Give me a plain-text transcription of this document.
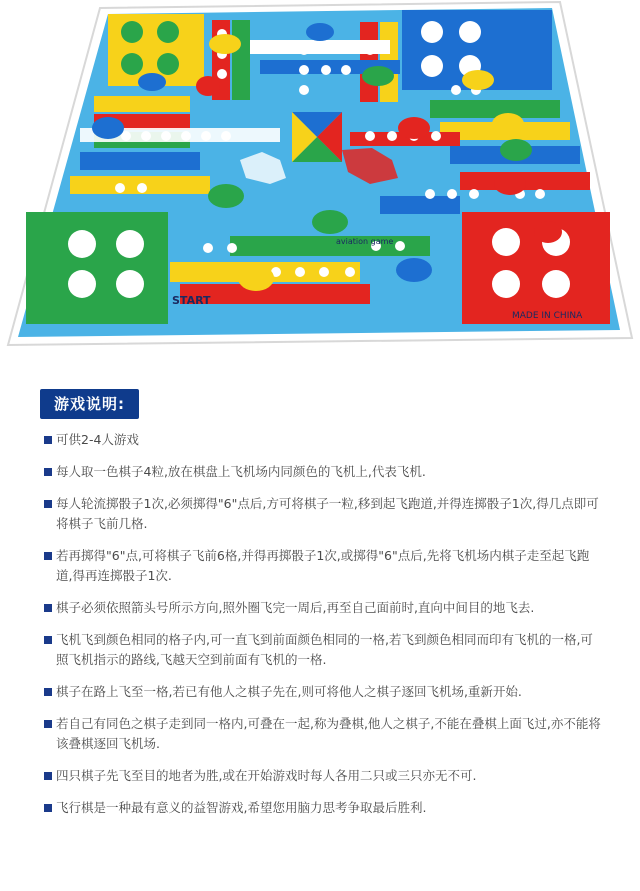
START
aviation game
MADE IN CHINA
游戏说明:

可供2-4人游戏

每人取一色棋子4粒,放在棋盘上飞机场内同颜色的飞机上,代表飞机.

每人轮流掷骰子1次,必须掷得"6"点后,方可将棋子一粒,移到起飞跑道,并得连掷骰子1次,得几点即可将棋子飞前几格.

若再掷得"6"点,可将棋子飞前6格,并得再掷骰子1次,或掷得"6"点后,先将飞机场内棋子走至起飞跑道,得再连掷骰子1次.

棋子必须依照箭头号所示方向,照外圈飞完一周后,再至自己面前时,直向中间目的地飞去.

飞机飞到颜色相同的格子内,可一直飞到前面颜色相同的一格,若飞到颜色相同而印有飞机的一格,可照飞机指示的路线,飞越天空到前面有飞机的一格.

棋子在路上飞至一格,若已有他人之棋子先在,则可将他人之棋子逐回飞机场,重新开始.

若自己有同色之棋子走到同一格内,可叠在一起,称为叠棋,他人之棋子,不能在叠棋上面飞过,亦不能将该叠棋逐回飞机场.

四只棋子先飞至目的地者为胜,或在开始游戏时每人各用二只或三只亦无不可.

飞行棋是一种最有意义的益智游戏,希望您用脑力思考争取最后胜利.
